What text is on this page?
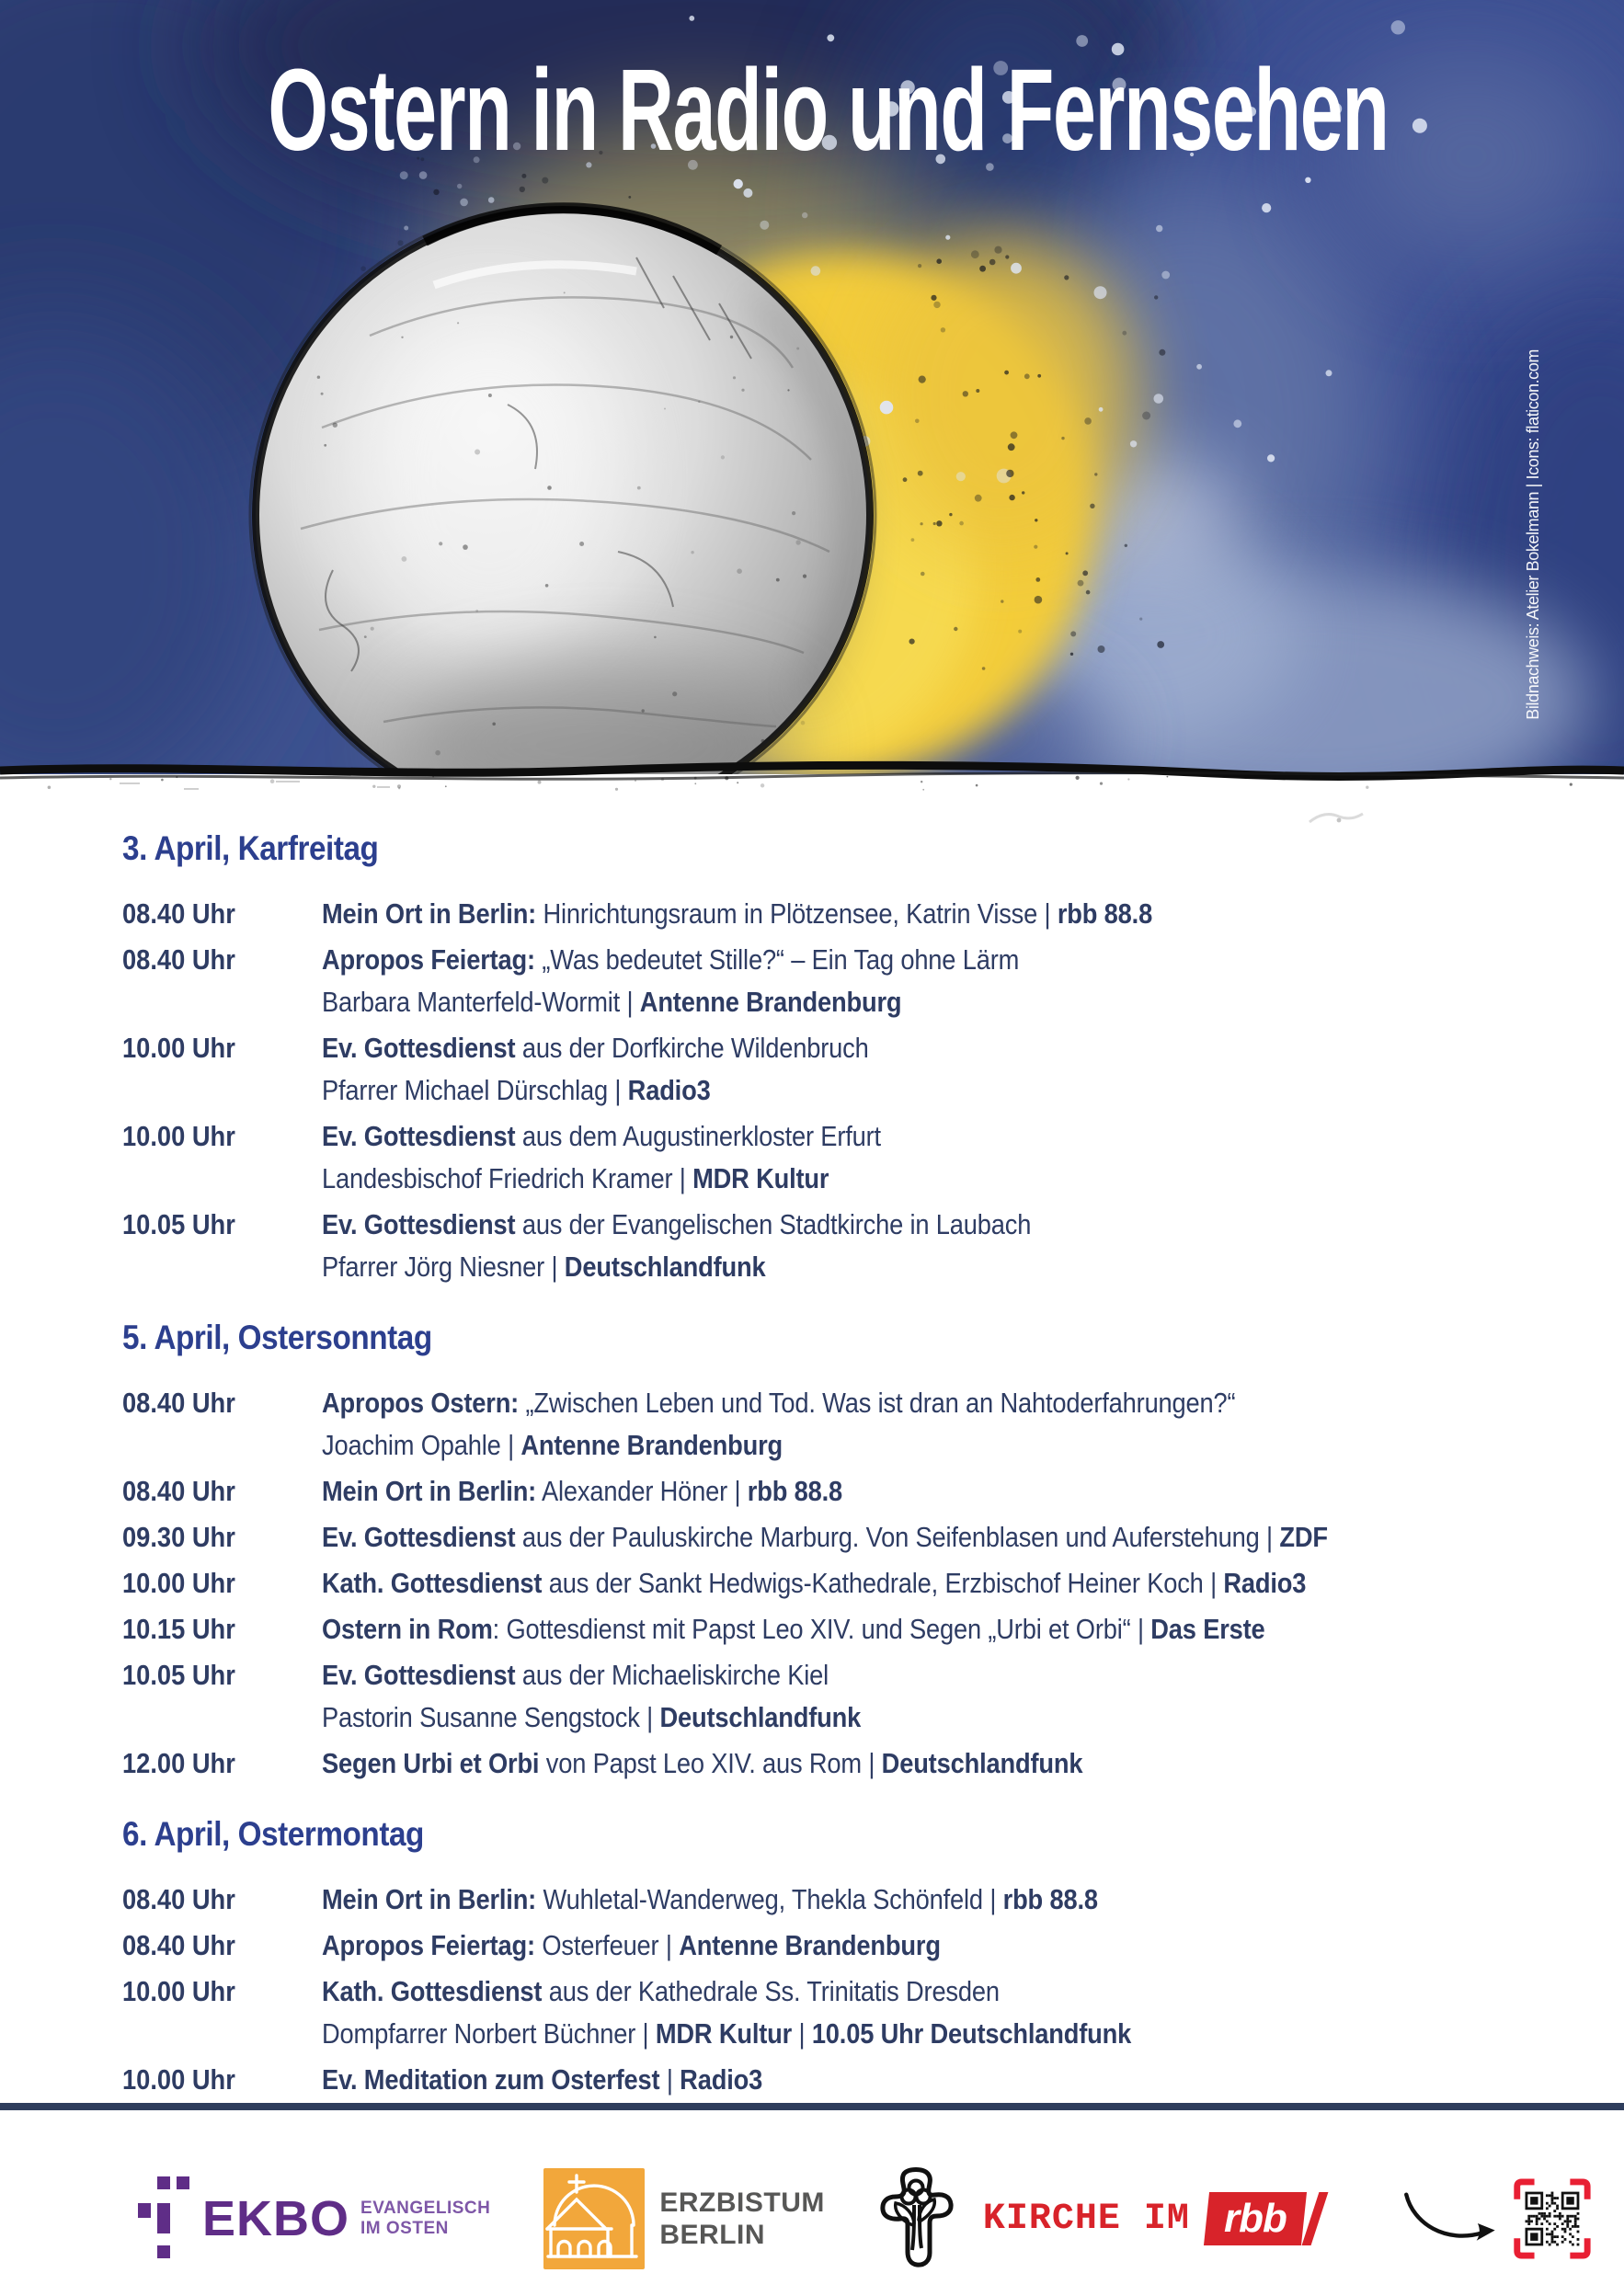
Ostern in Radio und Fernsehen
Bildnachweis: Atelier Bokelmann | Icons: flaticon.com
3. April, Karfreitag
08.40 Uhr	Mein Ort in Berlin: Hinrichtungsraum in Plötzensee, Katrin Visse | rbb 88.8
08.40 Uhr	Apropos Feiertag: „Was bedeutet Stille?“ – Ein Tag ohne Lärm
Barbara Manterfeld-Wormit | Antenne Brandenburg
10.00 Uhr	Ev. Gottesdienst aus der Dorfkirche Wildenbruch
Pfarrer Michael Dürschlag | Radio3
10.00 Uhr	Ev. Gottesdienst aus dem Augustinerkloster Erfurt
Landesbischof Friedrich Kramer | MDR Kultur
10.05 Uhr	Ev. Gottesdienst aus der Evangelischen Stadtkirche in Laubach
Pfarrer Jörg Niesner | Deutschlandfunk
5. April, Ostersonntag
08.40 Uhr	Apropos Ostern: „Zwischen Leben und Tod. Was ist dran an Nahtoderfahrungen?“
Joachim Opahle | Antenne Brandenburg
08.40 Uhr	Mein Ort in Berlin: Alexander Höner | rbb 88.8
09.30 Uhr	Ev. Gottesdienst aus der Pauluskirche Marburg. Von Seifenblasen und Auferstehung | ZDF
10.00 Uhr	Kath. Gottesdienst aus der Sankt Hedwigs-Kathedrale, Erzbischof Heiner Koch | Radio3
10.15 Uhr	Ostern in Rom: Gottesdienst mit Papst Leo XIV. und Segen „Urbi et Orbi“ | Das Erste
10.05 Uhr	Ev. Gottesdienst aus der Michaeliskirche Kiel
Pastorin Susanne Sengstock | Deutschlandfunk
12.00 Uhr	Segen Urbi et Orbi von Papst Leo XIV. aus Rom | Deutschlandfunk
6. April, Ostermontag
08.40 Uhr	Mein Ort in Berlin: Wuhletal-Wanderweg, Thekla Schönfeld | rbb 88.8
08.40 Uhr	Apropos Feiertag: Osterfeuer | Antenne Brandenburg
10.00 Uhr	Kath. Gottesdienst aus der Kathedrale Ss. Trinitatis Dresden
Dompfarrer Norbert Büchner | MDR Kultur | 10.05 Uhr Deutschlandfunk
10.00 Uhr	Ev. Meditation zum Osterfest | Radio3
EKBO EVANGELISCH
IM OSTEN
ERZBISTUM
BERLIN	KIRCHE IM rbb
